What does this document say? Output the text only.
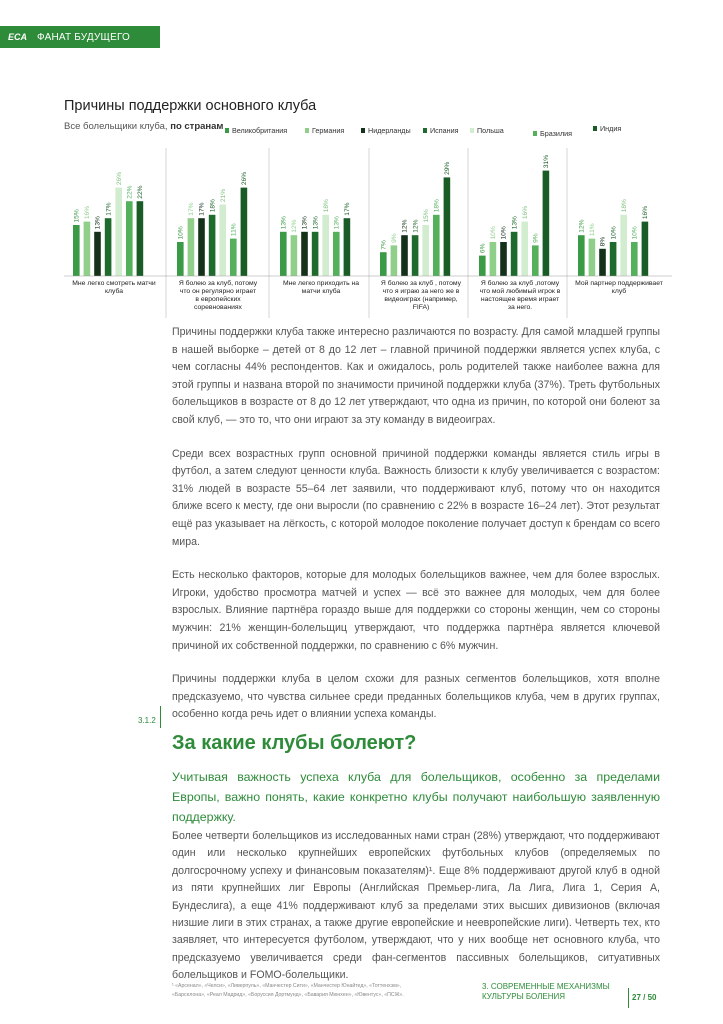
ECA ФАНАТ БУДУЩЕГО
Причины поддержки основного клуба
Все болельщики клуба, по странам Великобритания	Германия	Нидерланды	Испания	Польша	Бразилия
Индия
15% 16%
13%
17%
26%
22% 22%
Мне легко смотреть матчи
клуба
10%
17% 17% 18%
21%
11%
26%
Я болею за клуб, потому
что он регулярно играет
в европейских
соревнованиях
13% 12% 13% 13%
18%
13%
17%
Мне легко приходить на
матчи клуба
7%
9%
12% 12%
15%
18%
29%
Я болею за клуб , потому
что я играю за него же в
видеоиграх (например,
FIFA)
6%
10% 10%
13%
16%
9%
31%
Я болею за клуб ,потому
что мой любимый игрок в
настоящее время играет
за него.
12% 11%
8%
10%
18%
10%
16%
Мой партнер поддерживает
клуб

Причины поддержки клуба также интересно различаются по возрасту. Для самой младшей группы в нашей выборке – детей от 8 до 12 лет – главной причиной поддержки является успех клуба, с чем согласны 44% респондентов. Как и ожидалось, роль родителей также наиболее важна для этой группы и названа второй по значимости причиной поддержки клуба (37%). Треть футбольных болельщиков в возрасте от 8 до 12 лет утверждают, что одна из причин, по которой они болеют за свой клуб, — это то, что они играют за эту команду в видеоиграх.

Среди всех возрастных групп основной причиной поддержки команды является стиль игры в футбол, а затем следуют ценности клуба. Важность близости к клубу увеличивается с возрастом: 31% людей в возрасте 55–64 лет заявили, что поддерживают клуб, потому что он находится ближе всего к месту, где они выросли (по сравнению с 22% в возрасте 16–24 лет). Этот результат ещё раз указывает на лёгкость, с которой молодое поколение получает доступ к брендам со всего мира.

Есть несколько факторов, которые для молодых болельщиков важнее, чем для более взрослых. Игроки, удобство просмотра матчей и успех — всё это важнее для молодых, чем для более взрослых. Влияние партнёра гораздо выше для поддержки со стороны женщин, чем со стороны мужчин: 21% женщин-болельщиц утверждают, что поддержка партнёра является ключевой причиной их собственной поддержки, по сравнению с 6% мужчин.

Причины поддержки клуба в целом схожи для разных сегментов болельщиков, хотя вполне предсказуемо, что чувства сильнее среди преданных болельщиков клуба, чем в других группах, особенно когда речь идет о влиянии успеха команды.

3.1.2
За какие клубы болеют?
Учитывая важность успеха клуба для болельщиков, особенно за пределами Европы, важно понять, какие конкретно клубы получают наибольшую заявленную поддержку.
Более четверти болельщиков из исследованных нами стран (28%) утверждают, что поддерживают один или несколько крупнейших европейских футбольных клубов (определяемых по долгосрочному успеху и финансовым показателям)¹. Еще 8% поддерживают другой клуб в одной из пяти крупнейших лиг Европы (Английская Премьер-лига, Ла Лига, Лига 1, Серия А, Бундеслига), а еще 41% поддерживают клуб за пределами этих высших дивизионов (включая низшие лиги в этих странах, а также другие европейские и неевропейские лиги). Четверть тех, кто заявляет, что интересуется футболом, утверждают, что у них вообще нет основного клуба, что предсказуемо увеличивается среди фан-сегментов пассивных болельщиков, ситуативных болельщиков и FOMO-болельщики.
¹ «Арсенал», «Челси», «Ливерпуль», «Манчестер Сити», «Манчестер Юнайтед», «Тоттенхэм»,
«Барселона», «Реал Мадрид», «Боруссия Дортмунд», «Бавария Мюнхен», «Ювентус», «ПСЖ».
3. СОВРЕМЕННЫЕ МЕХАНИЗМЫ
КУЛЬТУРЫ БОЛЕНИЯ	27 / 50
